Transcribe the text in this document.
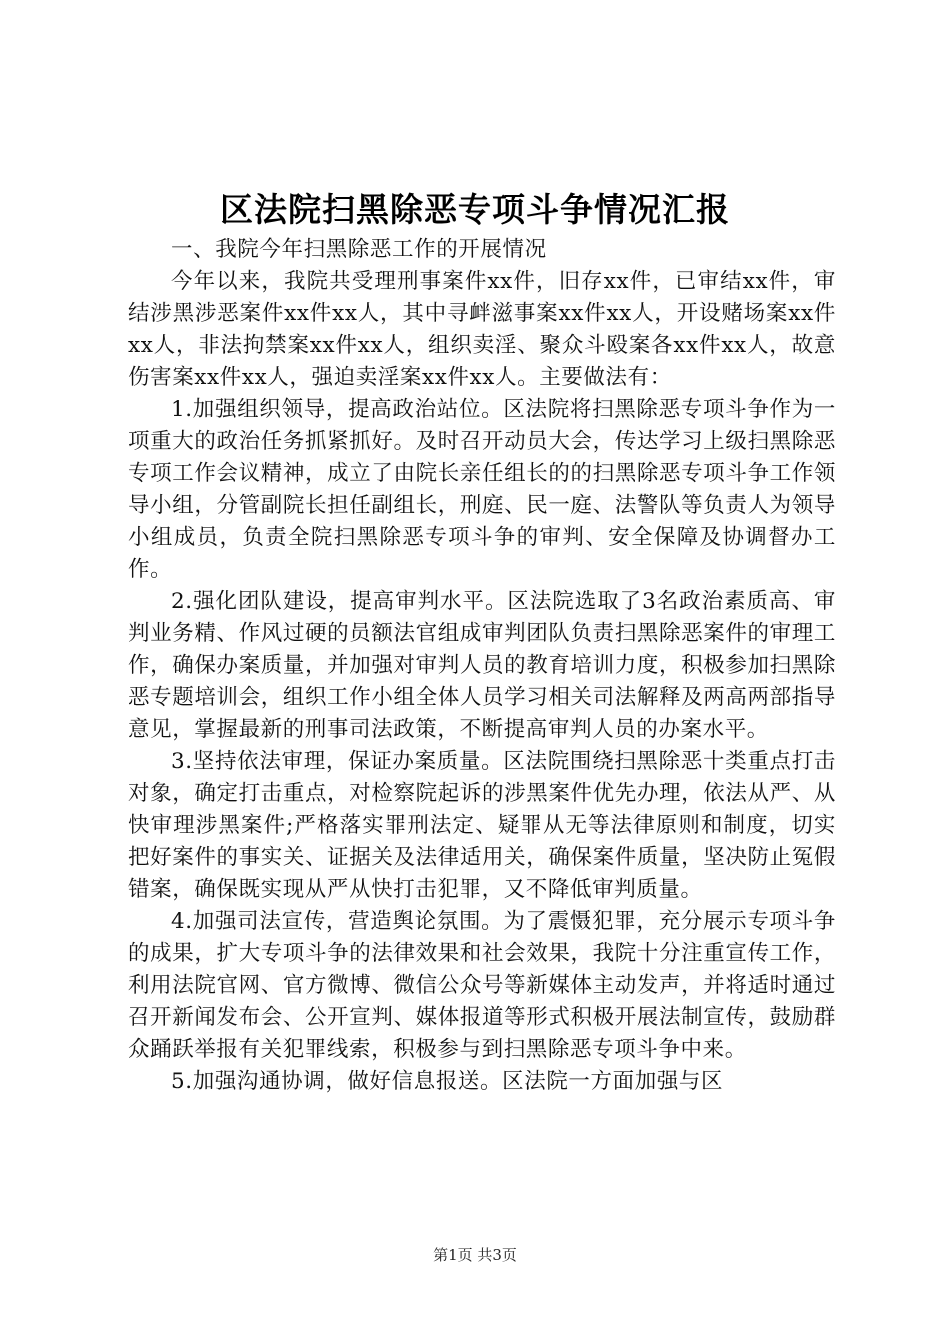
区法院扫黑除恶专项斗争情况汇报

一、我院今年扫黑除恶工作的开展情况

今年以来，我院共受理刑事案件xx件，旧存xx件，已审结xx件，审结涉黑涉恶案件xx件xx人，其中寻衅滋事案xx件xx人，开设赌场案xx件xx人，非法拘禁案xx件xx人，组织卖淫、聚众斗殴案各xx件xx人，故意伤害案xx件xx人，强迫卖淫案xx件xx人。主要做法有：

1.加强组织领导，提高政治站位。区法院将扫黑除恶专项斗争作为一项重大的政治任务抓紧抓好。及时召开动员大会，传达学习上级扫黑除恶专项工作会议精神，成立了由院长亲任组长的的扫黑除恶专项斗争工作领导小组，分管副院长担任副组长，刑庭、民一庭、法警队等负责人为领导小组成员，负责全院扫黑除恶专项斗争的审判、安全保障及协调督办工作。

2.强化团队建设，提高审判水平。区法院选取了3名政治素质高、审判业务精、作风过硬的员额法官组成审判团队负责扫黑除恶案件的审理工作，确保办案质量，并加强对审判人员的教育培训力度，积极参加扫黑除恶专题培训会，组织工作小组全体人员学习相关司法解释及两高两部指导意见，掌握最新的刑事司法政策，不断提高审判人员的办案水平。

3.坚持依法审理，保证办案质量。区法院围绕扫黑除恶十类重点打击对象，确定打击重点，对检察院起诉的涉黑案件优先办理，依法从严、从快审理涉黑案件;严格落实罪刑法定、疑罪从无等法律原则和制度，切实把好案件的事实关、证据关及法律适用关，确保案件质量，坚决防止冤假错案，确保既实现从严从快打击犯罪，又不降低审判质量。

4.加强司法宣传，营造舆论氛围。为了震慑犯罪，充分展示专项斗争的成果，扩大专项斗争的法律效果和社会效果，我院十分注重宣传工作，利用法院官网、官方微博、微信公众号等新媒体主动发声，并将适时通过召开新闻发布会、公开宣判、媒体报道等形式积极开展法制宣传，鼓励群众踊跃举报有关犯罪线索，积极参与到扫黑除恶专项斗争中来。

5.加强沟通协调，做好信息报送。区法院一方面加强与区

第1页 共3页
